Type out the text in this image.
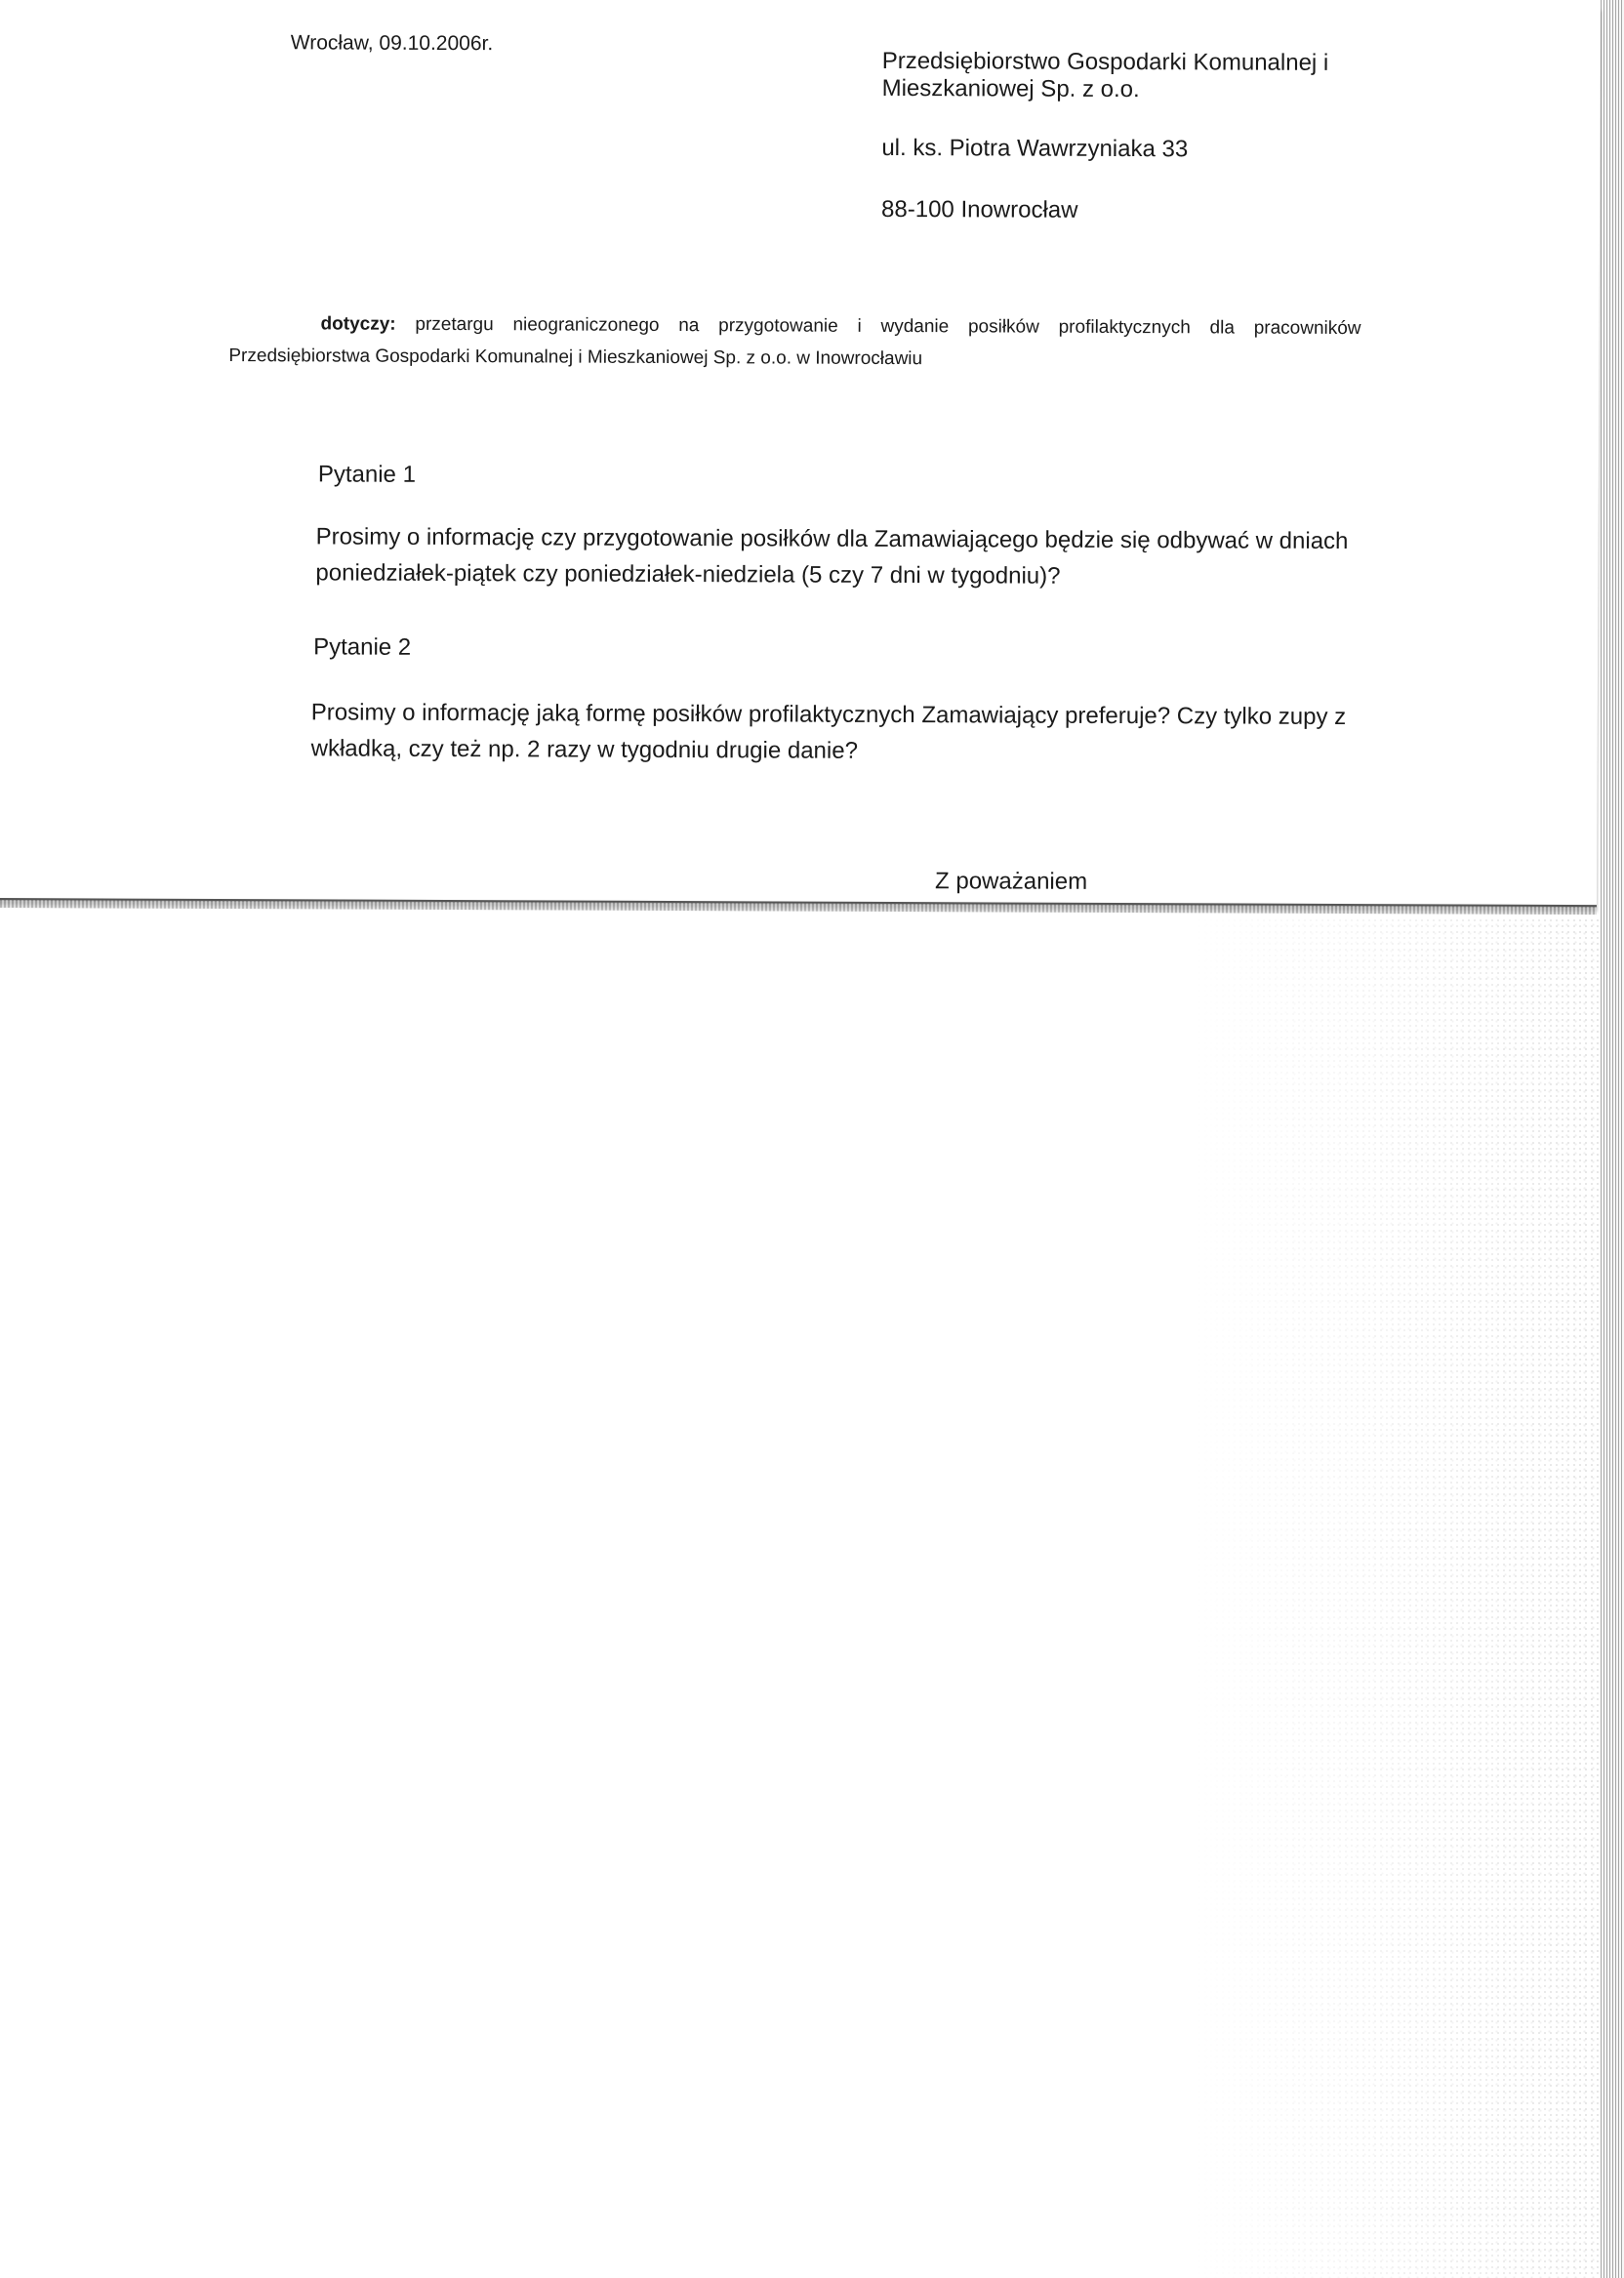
Wrocław, 09.10.2006r.
Przedsiębiorstwo Gospodarki Komunalnej i
Mieszkaniowej Sp. z o.o.
ul. ks. Piotra Wawrzyniaka 33
88-100 Inowrocław
dotyczy: przetargu nieograniczonego na przygotowanie i wydanie posiłków profilaktycznych dla pracowników Przedsiębiorstwa Gospodarki Komunalnej i Mieszkaniowej Sp. z o.o. w Inowrocławiu
Pytanie 1
Prosimy o informację czy przygotowanie posiłków dla Zamawiającego będzie się odbywać w dniach poniedziałek-piątek czy poniedziałek-niedziela (5 czy 7 dni w tygodniu)?
Pytanie 2
Prosimy o informację jaką formę posiłków profilaktycznych Zamawiający preferuje? Czy tylko zupy z wkładką, czy też np. 2 razy w tygodniu drugie danie?
Z poważaniem
